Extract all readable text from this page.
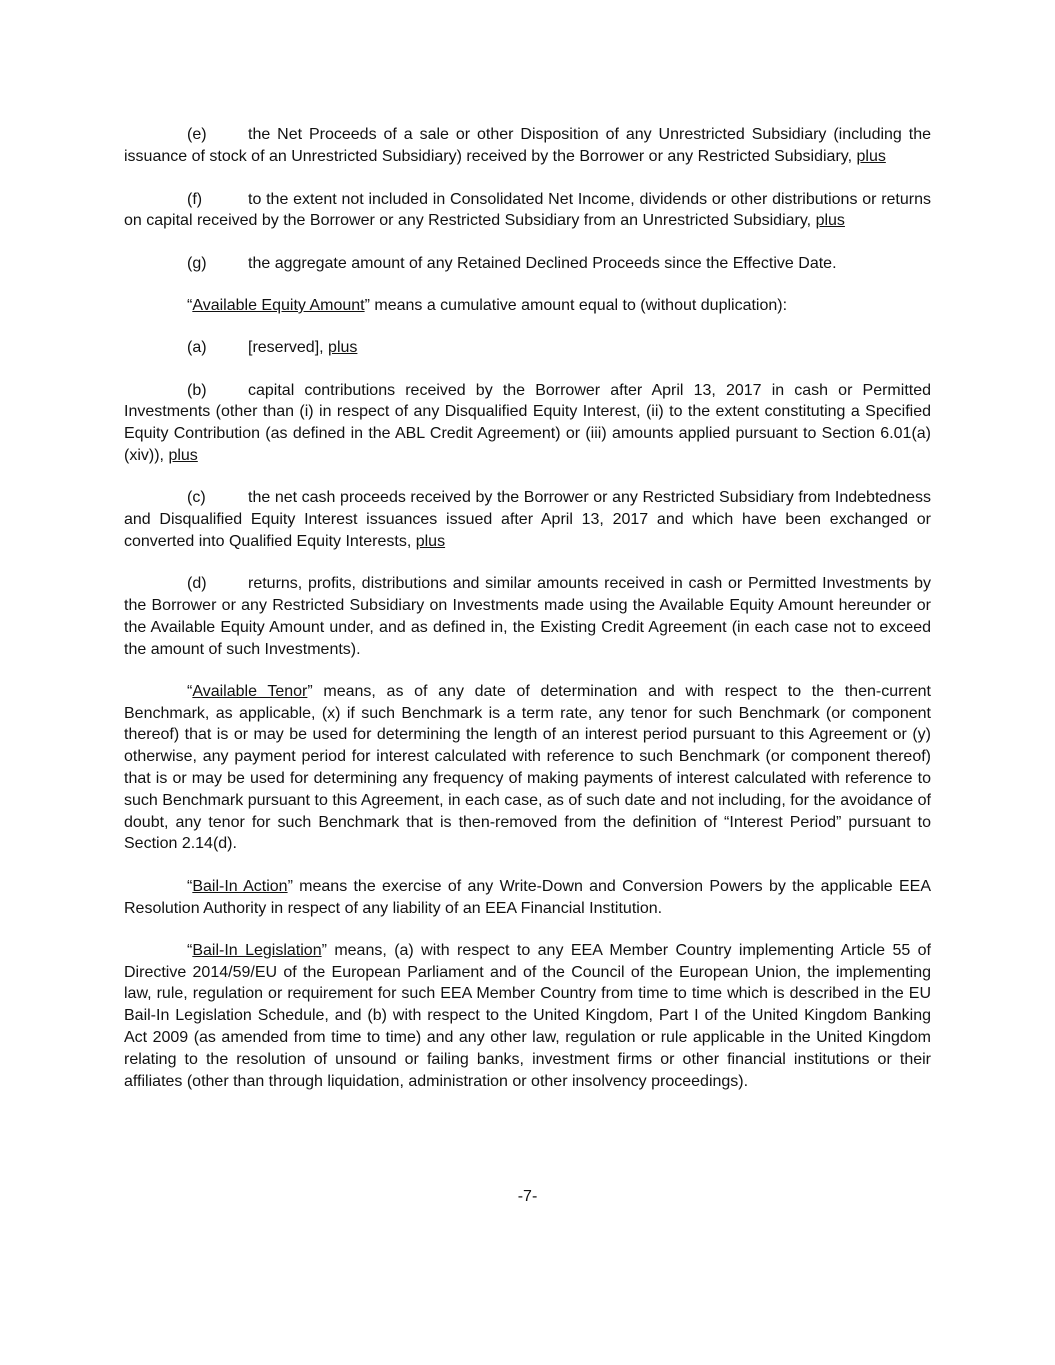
(e)	the Net Proceeds of a sale or other Disposition of any Unrestricted Subsidiary (including the issuance of stock of an Unrestricted Subsidiary) received by the Borrower or any Restricted Subsidiary, plus

(f)	to the extent not included in Consolidated Net Income, dividends or other distributions or returns on capital received by the Borrower or any Restricted Subsidiary from an Unrestricted Subsidiary, plus

(g)	the aggregate amount of any Retained Declined Proceeds since the Effective Date.

“Available Equity Amount” means a cumulative amount equal to (without duplication):

(a)	[reserved], plus

(b)	capital contributions received by the Borrower after April 13, 2017 in cash or Permitted Investments (other than (i) in respect of any Disqualified Equity Interest, (ii) to the extent constituting a Specified Equity Contribution (as defined in the ABL Credit Agreement) or (iii) amounts applied pursuant to Section 6.01(a)(xiv)), plus

(c)	the net cash proceeds received by the Borrower or any Restricted Subsidiary from Indebtedness and Disqualified Equity Interest issuances issued after April 13, 2017 and which have been exchanged or converted into Qualified Equity Interests, plus

(d)	returns, profits, distributions and similar amounts received in cash or Permitted Investments by the Borrower or any Restricted Subsidiary on Investments made using the Available Equity Amount hereunder or the Available Equity Amount under, and as defined in, the Existing Credit Agreement (in each case not to exceed the amount of such Investments).

“Available Tenor” means, as of any date of determination and with respect to the then-current Benchmark, as applicable, (x) if such Benchmark is a term rate, any tenor for such Benchmark (or component thereof) that is or may be used for determining the length of an interest period pursuant to this Agreement or (y) otherwise, any payment period for interest calculated with reference to such Benchmark (or component thereof) that is or may be used for determining any frequency of making payments of interest calculated with reference to such Benchmark pursuant to this Agreement, in each case, as of such date and not including, for the avoidance of doubt, any tenor for such Benchmark that is then-removed from the definition of “Interest Period” pursuant to Section 2.14(d).

“Bail-In Action” means the exercise of any Write-Down and Conversion Powers by the applicable EEA Resolution Authority in respect of any liability of an EEA Financial Institution.

“Bail-In Legislation” means, (a) with respect to any EEA Member Country implementing Article 55 of Directive 2014/59/EU of the European Parliament and of the Council of the European Union, the implementing law, rule, regulation or requirement for such EEA Member Country from time to time which is described in the EU Bail-In Legislation Schedule, and (b) with respect to the United Kingdom, Part I of the United Kingdom Banking Act 2009 (as amended from time to time) and any other law, regulation or rule applicable in the United Kingdom relating to the resolution of unsound or failing banks, investment firms or other financial institutions or their affiliates (other than through liquidation, administration or other insolvency proceedings).

-7-
